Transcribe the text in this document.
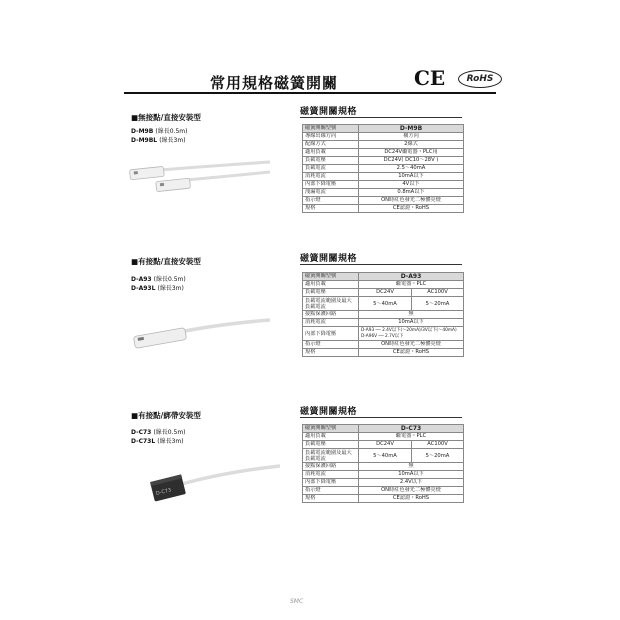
常用規格磁簧開關	CE	RoHS
■無接點/直接安裝型
D-M9B (線長0.5m)
D-M9BL (線長3m)
磁簧開關規格
磁簧開關型號	D-M9B
導線出線方向	橫方向
配線方式	2線式
適用負載	DC24V繼電器・PLC用
負載電壓	DC24V( DC10～28V )
負載電流	2.5～40mA
消耗電流	10mA以下
內部下降電壓	4V以下
洩漏電流	0.8mA以下
指示燈	ON時紅色發光二極體亮燈
規格	CE認證・RoHS
■有接點/直接安裝型
D-A93 (線長0.5m)
D-A93L (線長3m)
磁簧開關規格
磁簧開關型號	D-A93	
適用負載	繼電器・PLC	
負載電壓	DC24V	AC100V
負載電流範圍及最大負載電流	5～40mA	5～20mA
接點保護回路	無	
消耗電流	10mA以下	
內部下降電壓	D-A93 ── 2.4V以下(～20mA)/3V以下(～40mA)
D-A96V ── 2.7V以下	
指示燈	ON時紅色發光二極體亮燈	
規格	CE認證・RoHS	
■有接點/綁帶安裝型
D-C73 (線長0.5m)
D-C73L (線長3m)
D-C73
磁簧開關規格
磁簧開關型號	D-C73	
適用負載	繼電器・PLC	
負載電壓	DC24V	AC100V
負載電流範圍及最大負載電流	5～40mA	5～20mA
接點保護回路	無	
消耗電流	10mA以下	
內部下降電壓	2.4V以下	
指示燈	ON時紅色發光二極體亮燈	
規格	CE認證・RoHS	
SMC
